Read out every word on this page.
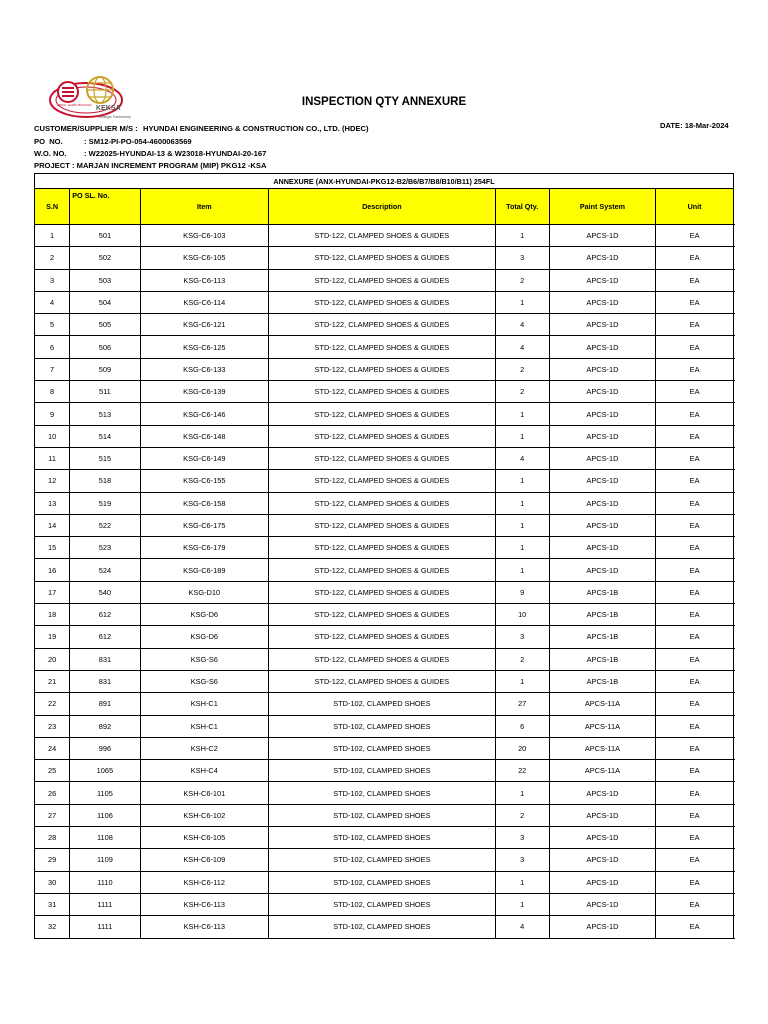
KEKSA
ABDUL HAMID BINZAGR
Strategic Partnership
INSPECTION QTY ANNEXURE
CUSTOMER/SUPPLIER M/S : HYUNDAI ENGINEERING & CONSTRUCTION CO., LTD. (HDEC)	DATE: 18-Mar-2024
PO  NO.	: SM12-PI-PO-054-4600063569
W.O. NO. : W22025-HYUNDAI-13 & W23018-HYUNDAI-20-167
PROJECT : MARJAN INCREMENT PROGRAM (MIP) PKG12 -KSA
ANNEXURE (ANX-HYUNDAI-PKG12-B2/B6/B7/B8/B10/B11) 254FL							
S.N	PO SL. No.	Item	Description	Total Qty.	Paint System	Unit	
1	501	KSG-C6-103	STD-122, CLAMPED SHOES & GUIDES	1	APCS-1D	EA	
2	502	KSG-C6-105	STD-122, CLAMPED SHOES & GUIDES	3	APCS-1D	EA	
3	503	KSG-C6-113	STD-122, CLAMPED SHOES & GUIDES	2	APCS-1D	EA	
4	504	KSG-C6-114	STD-122, CLAMPED SHOES & GUIDES	1	APCS-1D	EA	
5	505	KSG-C6-121	STD-122, CLAMPED SHOES & GUIDES	4	APCS-1D	EA	
6	506	KSG-C6-125	STD-122, CLAMPED SHOES & GUIDES	4	APCS-1D	EA	
7	509	KSG-C6-133	STD-122, CLAMPED SHOES & GUIDES	2	APCS-1D	EA	
8	511	KSG-C6-139	STD-122, CLAMPED SHOES & GUIDES	2	APCS-1D	EA	
9	513	KSG-C6-146	STD-122, CLAMPED SHOES & GUIDES	1	APCS-1D	EA	
10	514	KSG-C6-148	STD-122, CLAMPED SHOES & GUIDES	1	APCS-1D	EA	
11	515	KSG-C6-149	STD-122, CLAMPED SHOES & GUIDES	4	APCS-1D	EA	
12	518	KSG-C6-155	STD-122, CLAMPED SHOES & GUIDES	1	APCS-1D	EA	
13	519	KSG-C6-158	STD-122, CLAMPED SHOES & GUIDES	1	APCS-1D	EA	
14	522	KSG-C6-175	STD-122, CLAMPED SHOES & GUIDES	1	APCS-1D	EA	
15	523	KSG-C6-179	STD-122, CLAMPED SHOES & GUIDES	1	APCS-1D	EA	
16	524	KSG-C6-189	STD-122, CLAMPED SHOES & GUIDES	1	APCS-1D	EA	
17	540	KSG-D10	STD-122, CLAMPED SHOES & GUIDES	9	APCS-1B	EA	
18	612	KSG-D6	STD-122, CLAMPED SHOES & GUIDES	10	APCS-1B	EA	
19	612	KSG-D6	STD-122, CLAMPED SHOES & GUIDES	3	APCS-1B	EA	
20	831	KSG-S6	STD-122, CLAMPED SHOES & GUIDES	2	APCS-1B	EA	
21	831	KSG-S6	STD-122, CLAMPED SHOES & GUIDES	1	APCS-1B	EA	
22	891	KSH-C1	STD-102, CLAMPED SHOES	27	APCS-11A	EA	
23	892	KSH-C1	STD-102, CLAMPED SHOES	6	APCS-11A	EA	
24	996	KSH-C2	STD-102, CLAMPED SHOES	20	APCS-11A	EA	
25	1065	KSH-C4	STD-102, CLAMPED SHOES	22	APCS-11A	EA	
26	1105	KSH-C6-101	STD-102, CLAMPED SHOES	1	APCS-1D	EA	
27	1106	KSH-C6-102	STD-102, CLAMPED SHOES	2	APCS-1D	EA	
28	1108	KSH-C6-105	STD-102, CLAMPED SHOES	3	APCS-1D	EA	
29	1109	KSH-C6-109	STD-102, CLAMPED SHOES	3	APCS-1D	EA	
30	1110	KSH-C6-112	STD-102, CLAMPED SHOES	1	APCS-1D	EA	
31	1111	KSH-C6-113	STD-102, CLAMPED SHOES	1	APCS-1D	EA	
32	1111	KSH-C6-113	STD-102, CLAMPED SHOES	4	APCS-1D	EA	
